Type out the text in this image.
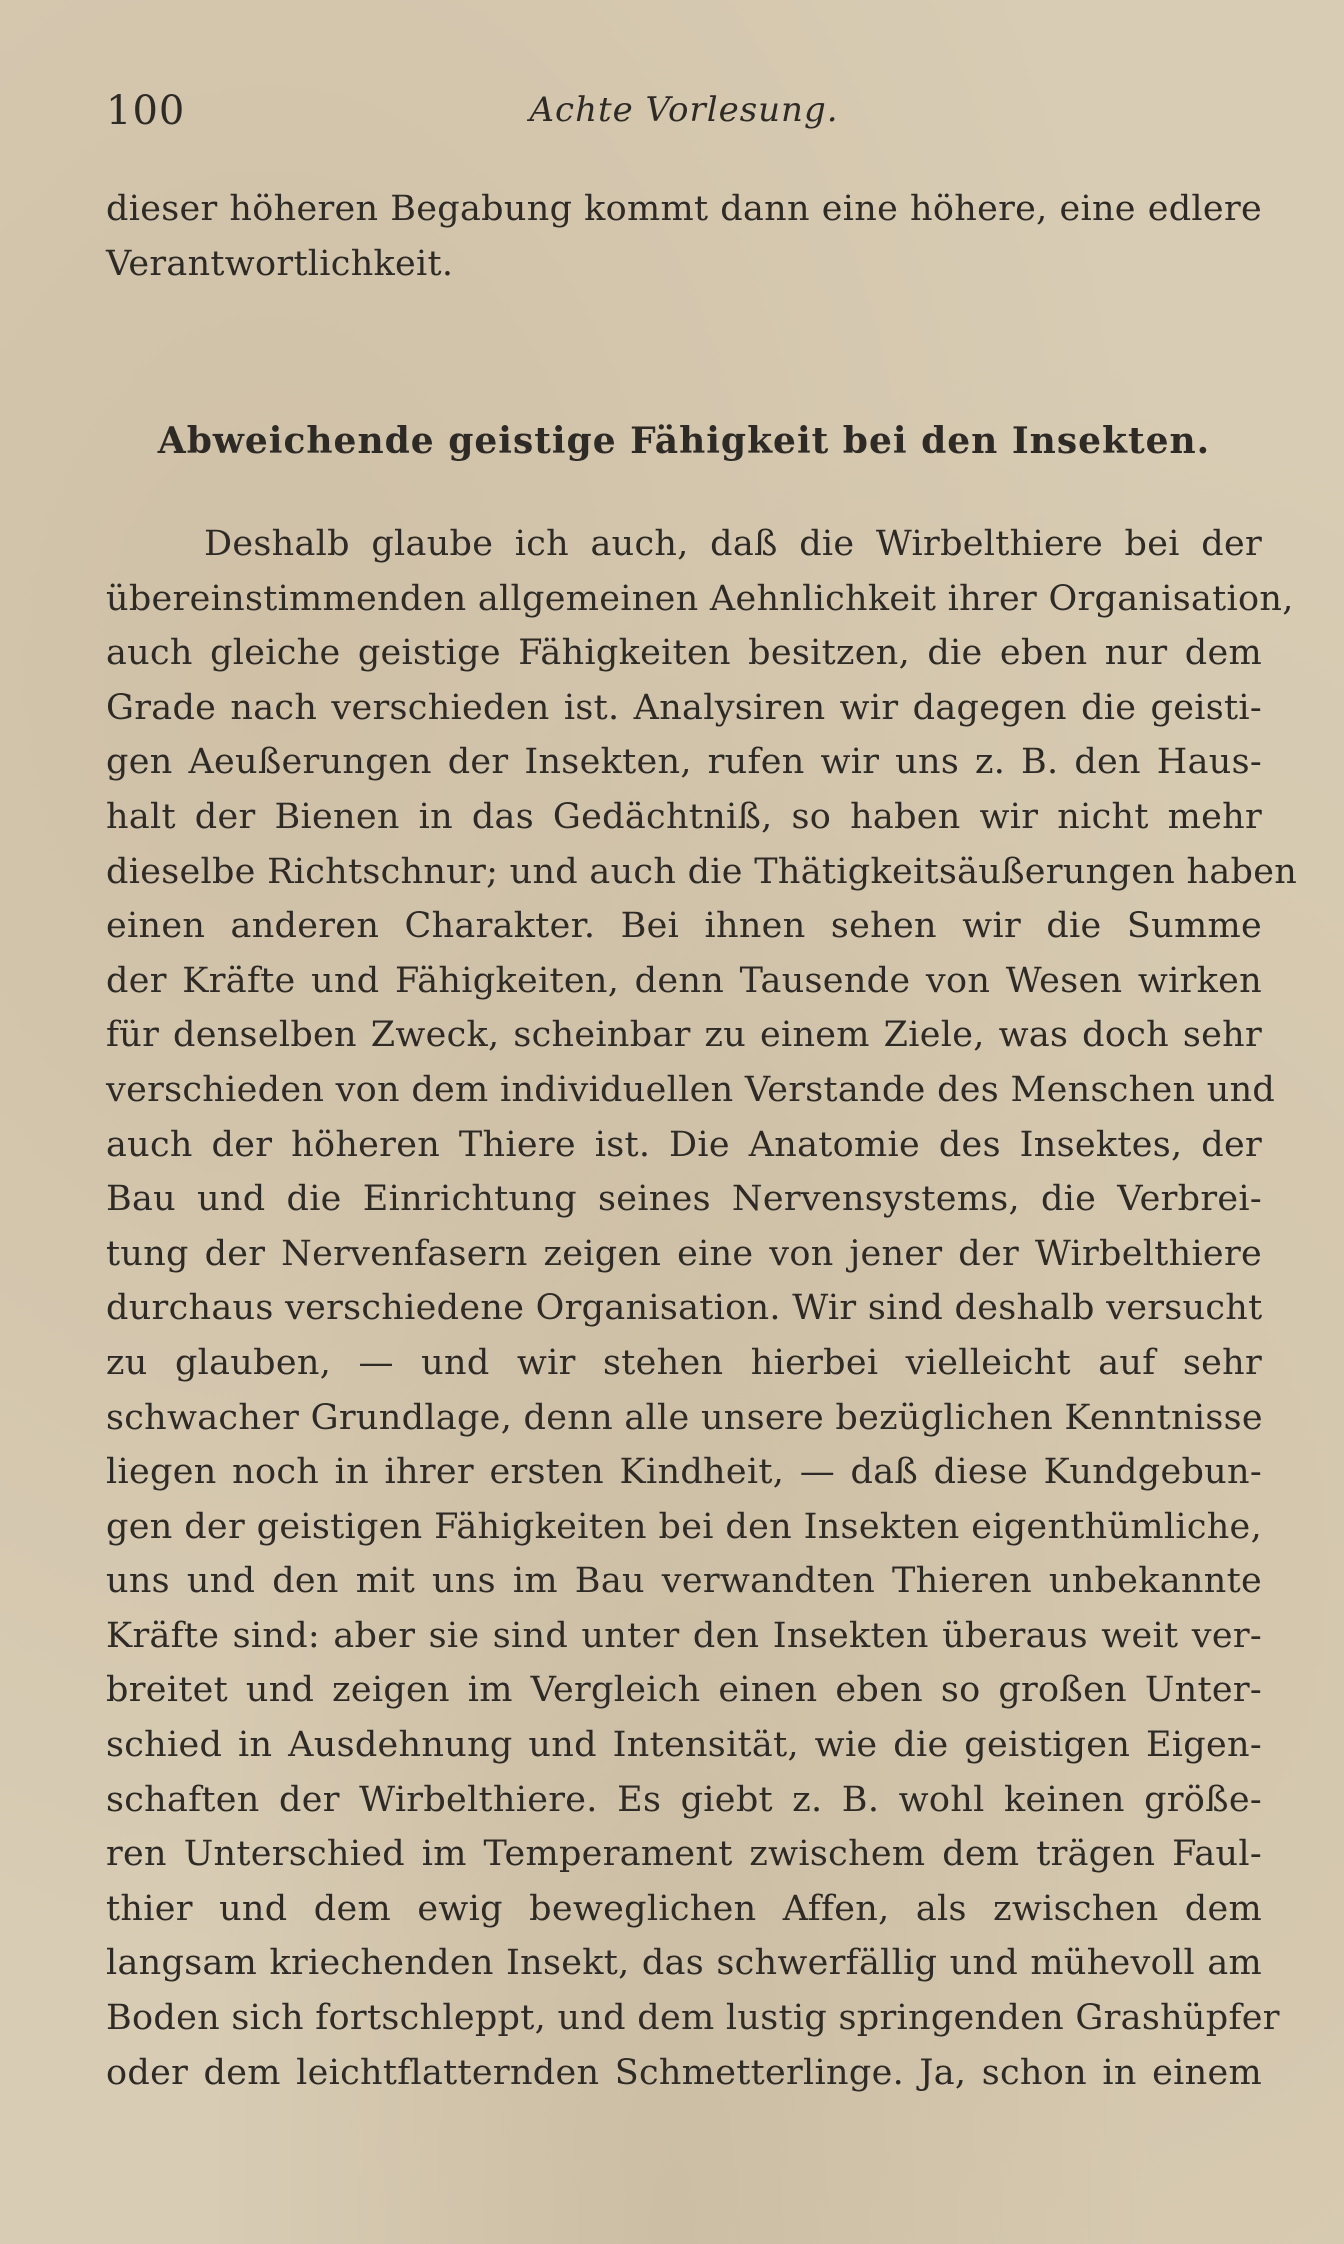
100	Achte Vorlesung.
dieser höheren Begabung kommt dann eine höhere, eine edlere
Verantwortlichkeit.
Abweichende geistige Fähigkeit bei den Insekten.
Deshalb glaube ich auch, daß die Wirbelthiere bei der
übereinstimmenden allgemeinen Aehnlichkeit ihrer Organisation,
auch gleiche geistige Fähigkeiten besitzen, die eben nur dem
Grade nach verschieden ist. Analysiren wir dagegen die geisti-
gen Aeußerungen der Insekten, rufen wir uns z. B. den Haus-
halt der Bienen in das Gedächtniß, so haben wir nicht mehr
dieselbe Richtschnur; und auch die Thätigkeitsäußerungen haben
einen anderen Charakter. Bei ihnen sehen wir die Summe
der Kräfte und Fähigkeiten, denn Tausende von Wesen wirken
für denselben Zweck, scheinbar zu einem Ziele, was doch sehr
verschieden von dem individuellen Verstande des Menschen und
auch der höheren Thiere ist. Die Anatomie des Insektes, der
Bau und die Einrichtung seines Nervensystems, die Verbrei-
tung der Nervenfasern zeigen eine von jener der Wirbelthiere
durchaus verschiedene Organisation. Wir sind deshalb versucht
zu glauben, — und wir stehen hierbei vielleicht auf sehr
schwacher Grundlage, denn alle unsere bezüglichen Kenntnisse
liegen noch in ihrer ersten Kindheit, — daß diese Kundgebun-
gen der geistigen Fähigkeiten bei den Insekten eigenthümliche,
uns und den mit uns im Bau verwandten Thieren unbekannte
Kräfte sind: aber sie sind unter den Insekten überaus weit ver-
breitet und zeigen im Vergleich einen eben so großen Unter-
schied in Ausdehnung und Intensität, wie die geistigen Eigen-
schaften der Wirbelthiere. Es giebt z. B. wohl keinen größe-
ren Unterschied im Temperament zwischem dem trägen Faul-
thier und dem ewig beweglichen Affen, als zwischen dem
langsam kriechenden Insekt, das schwerfällig und mühevoll am
Boden sich fortschleppt, und dem lustig springenden Grashüpfer
oder dem leichtflatternden Schmetterlinge. Ja, schon in einem
